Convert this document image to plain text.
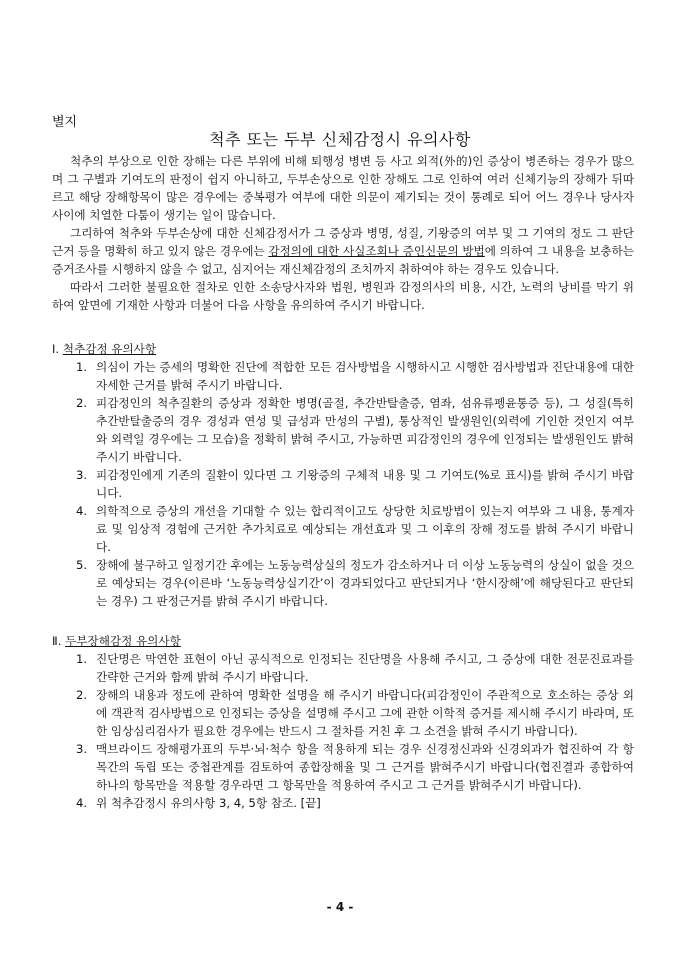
별지
척추 또는 두부 신체감정시 유의사항

척추의 부상으로 인한 장해는 다른 부위에 비해 퇴행성 병변 등 사고 외적(外的)인 증상이 병존하는 경우가 많으며 그 구별과 기여도의 판정이 쉽지 아니하고, 두부손상으로 인한 장해도 그로 인하여 여러 신체기능의 장해가 뒤따르고 해당 장해항목이 많은 경우에는 중복평가 여부에 대한 의문이 제기되는 것이 통례로 되어 어느 경우나 당사자 사이에 치열한 다툼이 생기는 일이 많습니다.

그리하여 척추와 두부손상에 대한 신체감정서가 그 증상과 병명, 성질, 기왕증의 여부 및 그 기여의 정도 그 판단근거 등을 명확히 하고 있지 않은 경우에는 감정의에 대한 사실조회나 증인신문의 방법에 의하여 그 내용을 보충하는 증거조사를 시행하지 않을 수 없고, 심지어는 재신체감정의 조치까지 취하여야 하는 경우도 있습니다.

따라서 그러한 불필요한 절차로 인한 소송당사자와 법원, 병원과 감정의사의 비용, 시간, 노력의 낭비를 막기 위하여 앞면에 기재한 사항과 더불어 다음 사항을 유의하여 주시기 바랍니다.

Ⅰ. 척추감정 유의사항

1. 의심이 가는 증세의 명확한 진단에 적합한 모든 검사방법을 시행하시고 시행한 검사방법과 진단내용에 대한 자세한 근거를 밝혀 주시기 바랍니다.
2. 피감정인의 척추질환의 증상과 정확한 병명(골절, 추간반탈출증, 염좌, 섬유류펭윤통증 등), 그 성질(특히 추간반탈출증의 경우 경성과 연성 및 급성과 만성의 구별), 통상적인 발생원인(외력에 기인한 것인지 여부와 외력일 경우에는 그 모습)을 정확히 밝혀 주시고, 가능하면 피감정인의 경우에 인정되는 발생원인도 밝혀 주시기 바랍니다.
3. 피감정인에게 기존의 질환이 있다면 그 기왕증의 구체적 내용 및 그 기여도(%로 표시)를 밝혀 주시기 바랍니다.
4. 의학적으로 증상의 개선을 기대할 수 있는 합리적이고도 상당한 치료방법이 있는지 여부와 그 내용, 통계자료 및 임상적 경험에 근거한 추가치료로 예상되는 개선효과 및 그 이후의 장해 정도를 밝혀 주시기 바랍니다.
5. 장해에 불구하고 일정기간 후에는 노동능력상실의 정도가 감소하거나 더 이상 노동능력의 상실이 없을 것으로 예상되는 경우(이른바 ‘노동능력상실기간’이 경과되었다고 판단되거나 ‘한시장해’에 해당된다고 판단되는 경우) 그 판정근거를 밝혀 주시기 바랍니다.

Ⅱ. 두부장해감정 유의사항

1. 진단명은 막연한 표현이 아닌 공식적으로 인정되는 진단명을 사용해 주시고, 그 증상에 대한 전문진료과를 간략한 근거와 함께 밝혀 주시기 바랍니다.
2. 장해의 내용과 정도에 관하여 명확한 설명을 해 주시기 바랍니다(피감정인이 주관적으로 호소하는 증상 외에 객관적 검사방법으로 인정되는 증상을 설명해 주시고 그에 관한 이학적 증거를 제시해 주시기 바라며, 또한 임상심리검사가 필요한 경우에는 반드시 그 절차를 거친 후 그 소견을 밝혀 주시기 바랍니다).
3. 맥브라이드 장해평가표의 두부·뇌·척수 항을 적용하게 되는 경우 신경정신과와 신경외과가 협진하여 각 항목간의 독립 또는 중첩관계를 검토하여 종합장해율 및 그 근거를 밝혀주시기 바랍니다(협진결과 종합하여 하나의 항목만을 적용할 경우라면 그 항목만을 적용하여 주시고 그 근거를 밝혀주시기 바랍니다).
4. 위 척추감정시 유의사항 3, 4, 5항 참조. [끝]
- 4 -
